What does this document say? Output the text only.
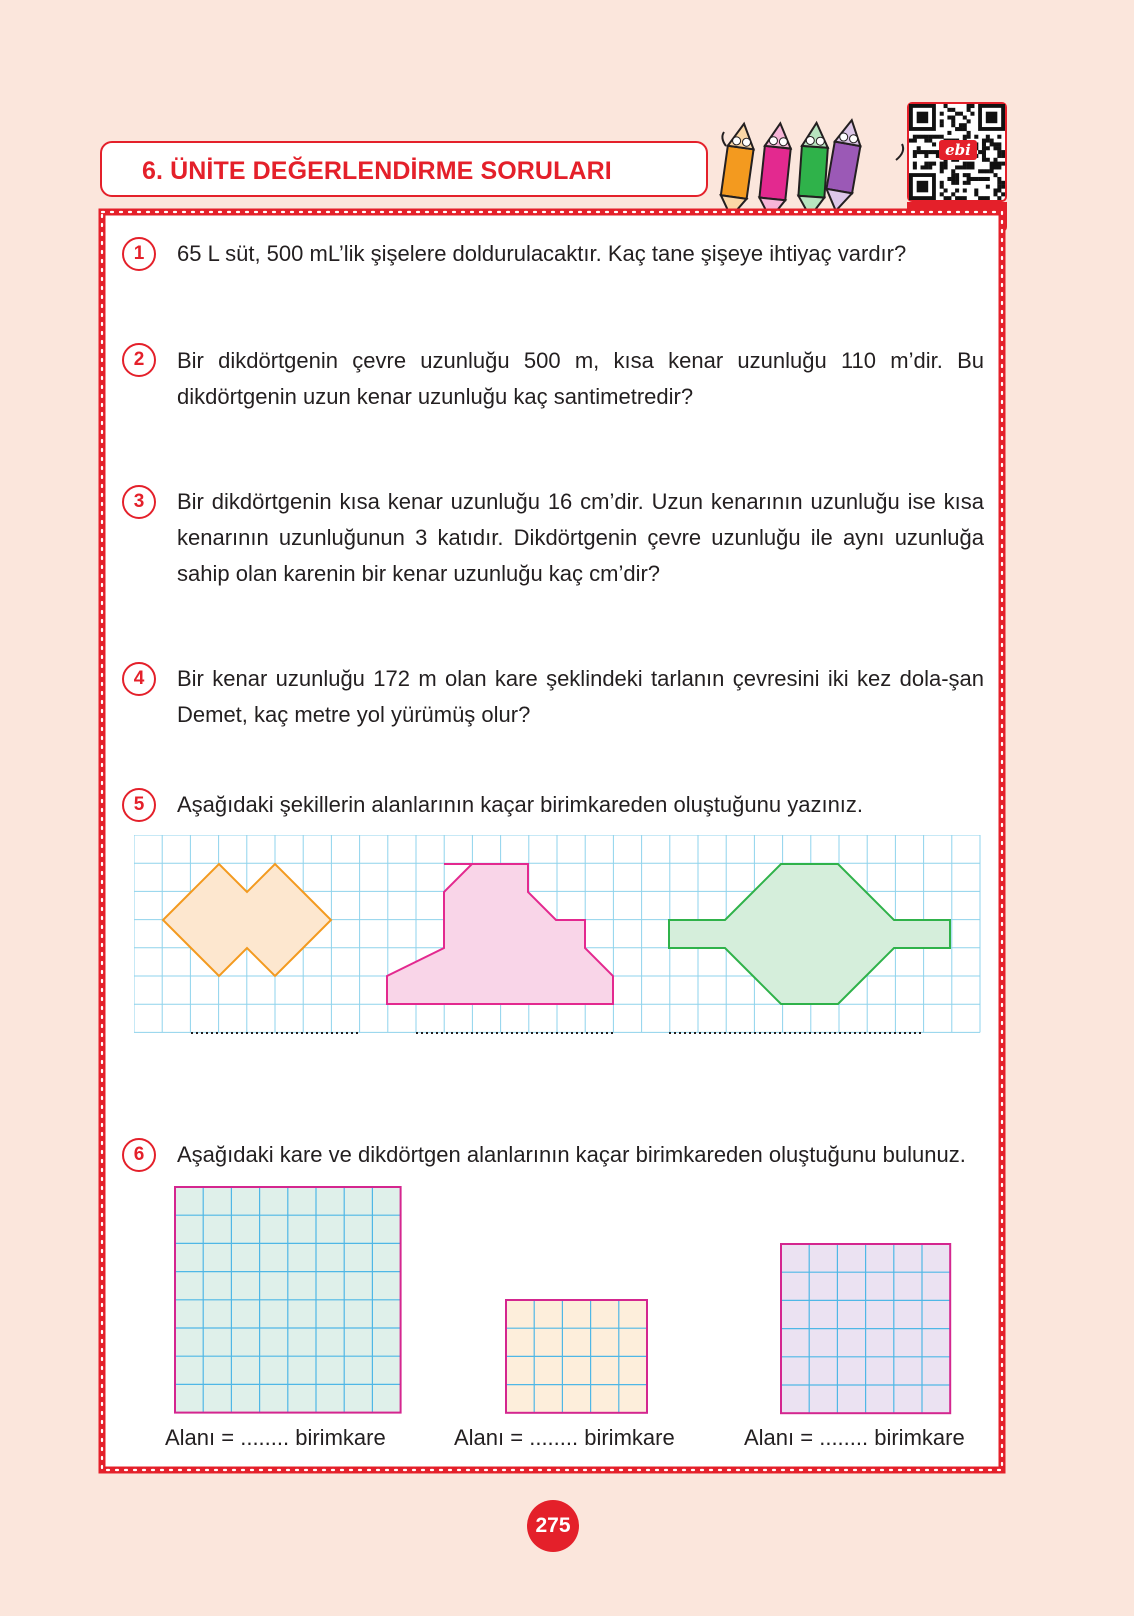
6. ÜNİTE DEĞERLENDİRME SORULARI
ebi
1	65 L süt, 500 mL’lik şişelere doldurulacaktır. Kaç tane şişeye ihtiyaç vardır?
2	Bir dikdörtgenin çevre uzunluğu 500 m, kısa kenar uzunluğu 110 m’dir. Bu dikdörtgenin uzun kenar uzunluğu kaç santimetredir?
3	Bir dikdörtgenin kısa kenar uzunluğu 16 cm’dir. Uzun kenarının uzunluğu ise kısa kenarının uzunluğunun 3 katıdır. Dikdörtgenin çevre uzunluğu ile aynı uzunluğa sahip olan karenin bir kenar uzunluğu kaç cm’dir?
4	Bir kenar uzunluğu 172 m olan kare şeklindeki tarlanın çevresini iki kez dola-şan Demet, kaç metre yol yürümüş olur?
5	Aşağıdaki şekillerin alanlarının kaçar birimkareden oluştuğunu yazınız.
6	Aşağıdaki kare ve dikdörtgen alanlarının kaçar birimkareden oluştuğunu bulunuz.
Alanı = ........ birimkare	Alanı = ........ birimkare	Alanı = ........ birimkare
275
